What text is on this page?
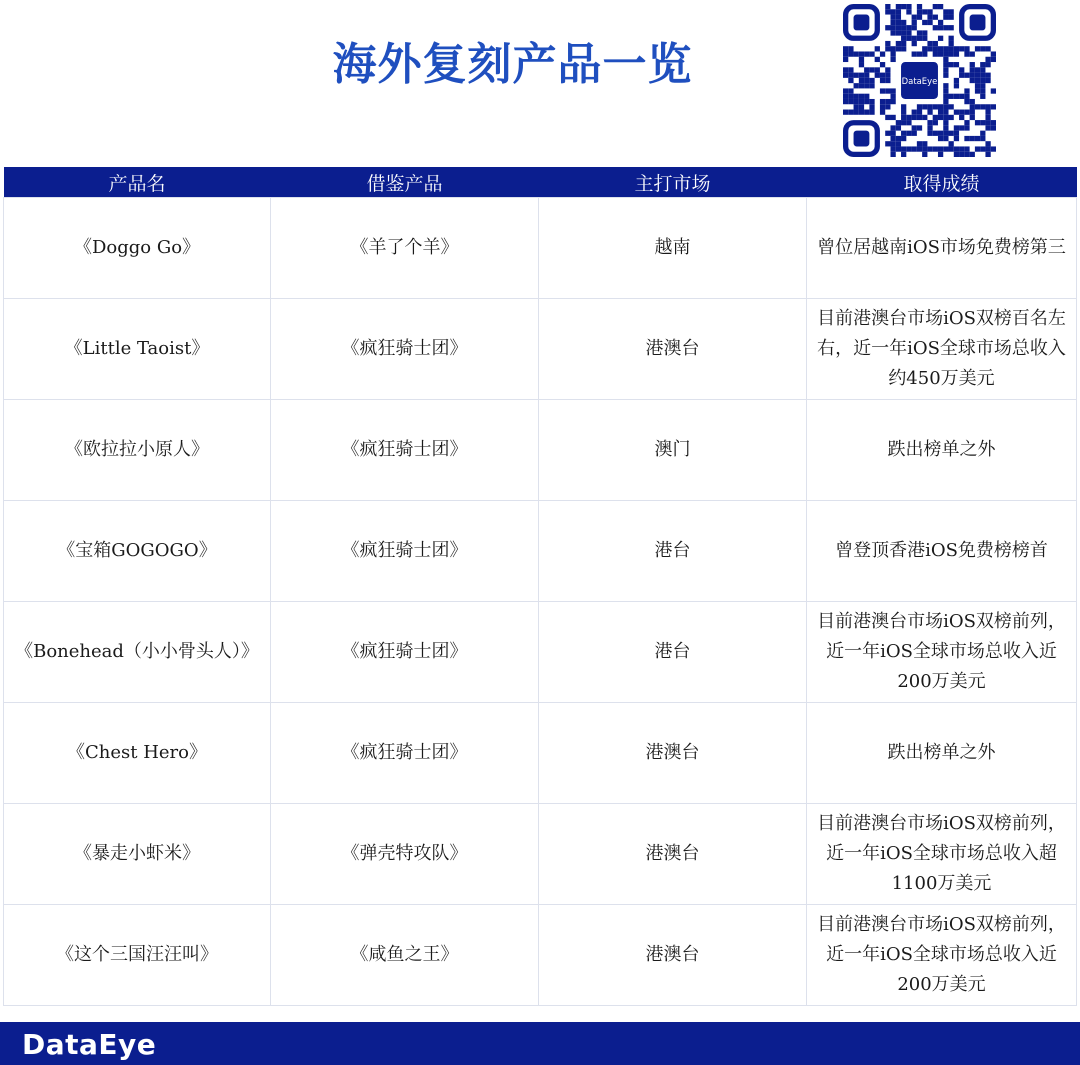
海外复刻产品一览	DataEye
产品名	借鉴产品	主打市场	取得成绩
《Doggo Go》	《羊了个羊》	越南	曾位居越南iOS市场免费榜第三
《Little Taoist》	《疯狂骑士团》	港澳台	目前港澳台市场iOS双榜百名左右，近一年iOS全球市场总收入约450万美元
《欧拉拉小原人》	《疯狂骑士团》	澳门	跌出榜单之外
《宝箱GOGOGO》	《疯狂骑士团》	港台	曾登顶香港iOS免费榜榜首
《Bonehead（小小骨头人）》	《疯狂骑士团》	港台	目前港澳台市场iOS双榜前列，近一年iOS全球市场总收入近200万美元
《Chest Hero》	《疯狂骑士团》	港澳台	跌出榜单之外
《暴走小虾米》	《弹壳特攻队》	港澳台	目前港澳台市场iOS双榜前列，近一年iOS全球市场总收入超1100万美元
《这个三国汪汪叫》	《咸鱼之王》	港澳台	目前港澳台市场iOS双榜前列，近一年iOS全球市场总收入近200万美元
DataEye
